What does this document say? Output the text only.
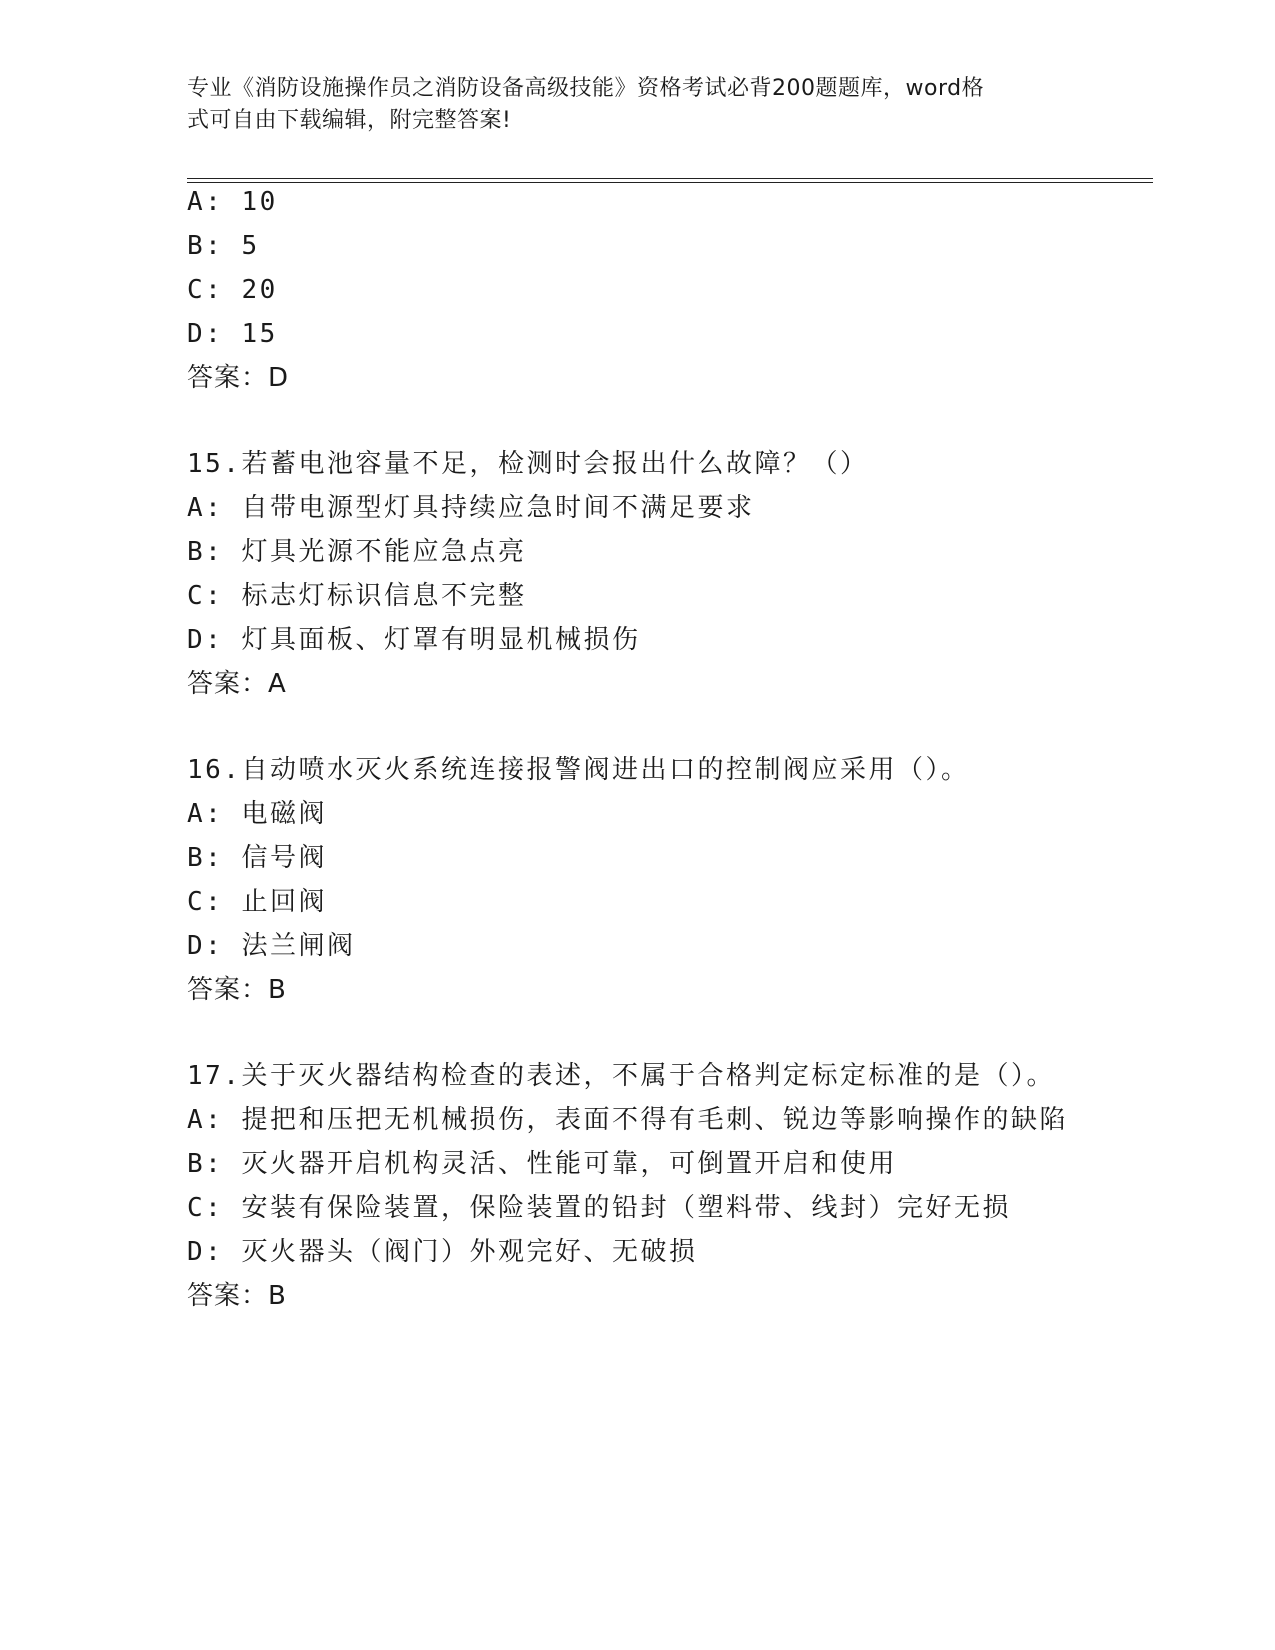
专业《消防设施操作员之消防设备高级技能》资格考试必背200题题库，word格
式可自由下载编辑，附完整答案!
A: 10
B: 5
C: 20
D: 15
答案：D
15.若蓄电池容量不足，检测时会报出什么故障？（）
A: 自带电源型灯具持续应急时间不满足要求
B: 灯具光源不能应急点亮
C: 标志灯标识信息不完整
D: 灯具面板、灯罩有明显机械损伤
答案：A
16.自动喷水灭火系统连接报警阀进出口的控制阀应采用（）。
A: 电磁阀
B: 信号阀
C: 止回阀
D: 法兰闸阀
答案：B
17.关于灭火器结构检查的表述，不属于合格判定标定标准的是（）。
A: 提把和压把无机械损伤，表面不得有毛刺、锐边等影响操作的缺陷
B: 灭火器开启机构灵活、性能可靠，可倒置开启和使用
C: 安装有保险装置，保险装置的铅封（塑料带、线封）完好无损
D: 灭火器头（阀门）外观完好、无破损
答案：B
